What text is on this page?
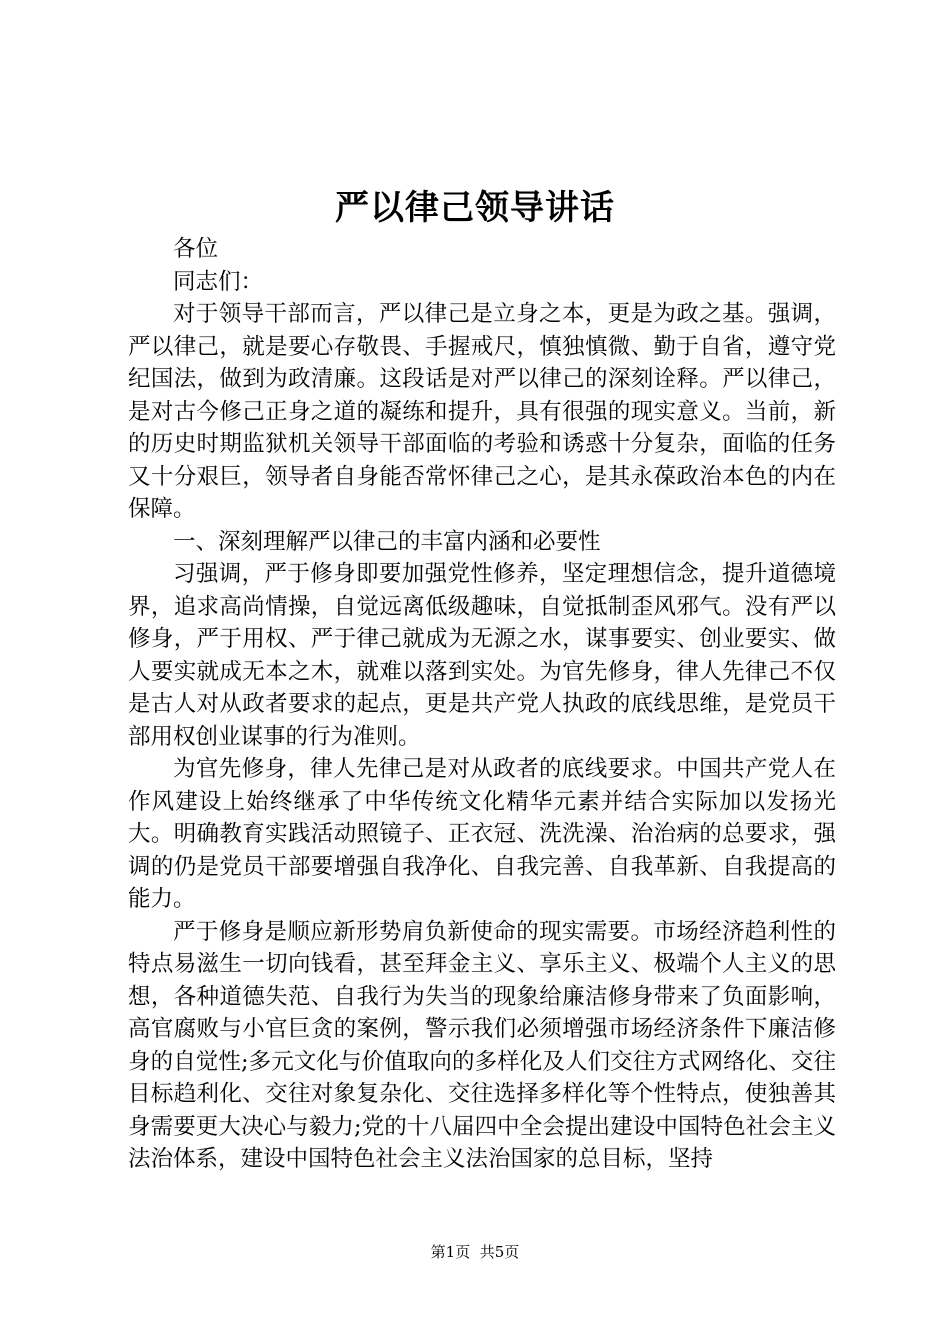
严以律己领导讲话

各位

同志们：

对于领导干部而言，严以律己是立身之本，更是为政之基。强调，严以律己，就是要心存敬畏、手握戒尺，慎独慎微、勤于自省，遵守党纪国法，做到为政清廉。这段话是对严以律己的深刻诠释。严以律己，是对古今修己正身之道的凝练和提升，具有很强的现实意义。当前，新的历史时期监狱机关领导干部面临的考验和诱惑十分复杂，面临的任务又十分艰巨，领导者自身能否常怀律己之心，是其永葆政治本色的内在保障。

一、深刻理解严以律己的丰富内涵和必要性

习强调，严于修身即要加强党性修养，坚定理想信念，提升道德境界，追求高尚情操，自觉远离低级趣味，自觉抵制歪风邪气。没有严以修身，严于用权、严于律己就成为无源之水，谋事要实、创业要实、做人要实就成无本之木，就难以落到实处。为官先修身，律人先律己不仅是古人对从政者要求的起点，更是共产党人执政的底线思维，是党员干部用权创业谋事的行为准则。

为官先修身，律人先律己是对从政者的底线要求。中国共产党人在作风建设上始终继承了中华传统文化精华元素并结合实际加以发扬光大。明确教育实践活动照镜子、正衣冠、洗洗澡、治治病的总要求，强调的仍是党员干部要增强自我净化、自我完善、自我革新、自我提高的能力。

严于修身是顺应新形势肩负新使命的现实需要。市场经济趋利性的特点易滋生一切向钱看，甚至拜金主义、享乐主义、极端个人主义的思想，各种道德失范、自我行为失当的现象给廉洁修身带来了负面影响，高官腐败与小官巨贪的案例，警示我们必须增强市场经济条件下廉洁修身的自觉性;多元文化与价值取向的多样化及人们交往方式网络化、交往目标趋利化、交往对象复杂化、交往选择多样化等个性特点，使独善其身需要更大决心与毅力;党的十八届四中全会提出建设中国特色社会主义法治体系，建设中国特色社会主义法治国家的总目标，坚持

第1页 共5页
